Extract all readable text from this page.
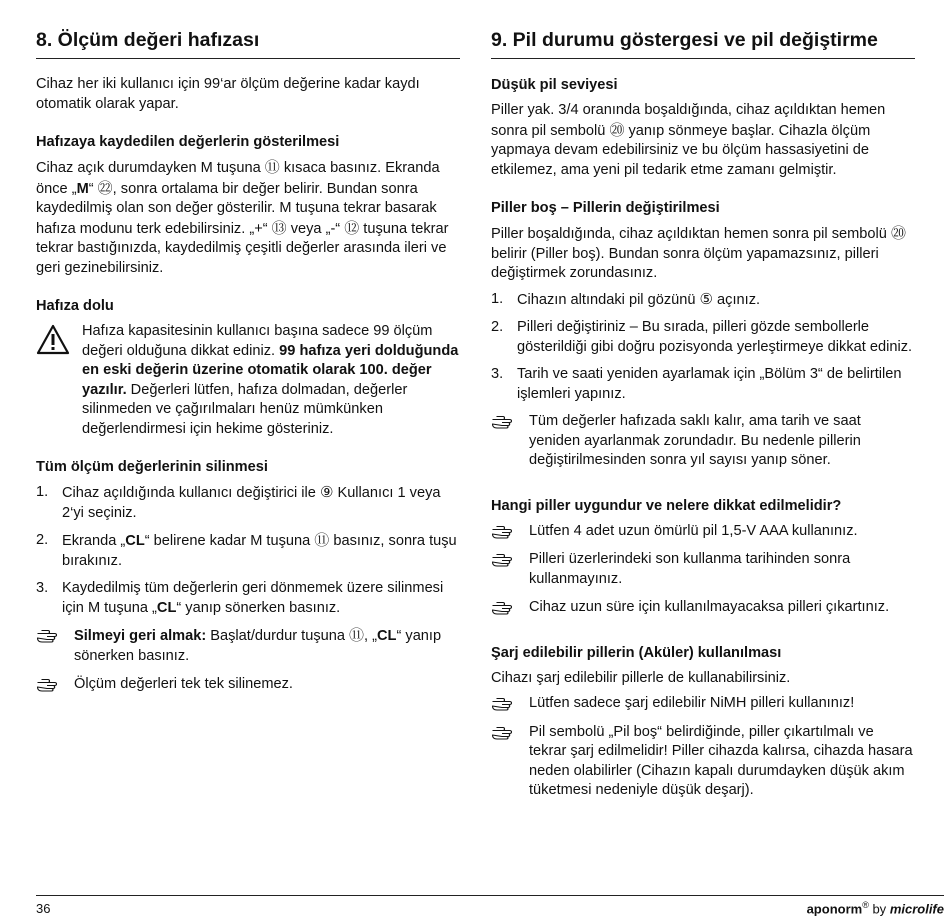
8. Ölçüm değeri hafızası

Cihaz her iki kullanıcı için 99‘ar ölçüm değerine kadar kaydı otomatik olarak yapar.

Hafızaya kaydedilen değerlerin gösterilmesi

Cihaz açık durumdayken M tuşuna ⑪ kısaca basınız. Ekranda önce „M“ ㉒, sonra ortalama bir değer belirir. Bundan sonra kaydedilmiş olan son değer gösterilir. M tuşuna tekrar basarak hafıza modunu terk edebilirsiniz. „+“ ⑬ veya „-“ ⑫ tuşuna tekrar tekrar bastığınızda, kaydedilmiş çeşitli değerler arasında ileri ve geri gezinebilirsiniz.

Hafıza dolu
Hafıza kapasitesinin kullanıcı başına sadece 99 ölçüm değeri olduğuna dikkat ediniz. 99 hafıza yeri dolduğunda en eski değerin üzerine otomatik olarak 100. değer yazılır. Değerleri lütfen, hafıza dolmadan, değerler silinmeden ve çağırılmaları henüz mümkünken değerlendirmesi için hekime gösteriniz.
Tüm ölçüm değerlerinin silinmesi
1. Cihaz açıldığında kullanıcı değiştirici ile ⑨ Kullanıcı 1 veya 2‘yi seçiniz.
2. Ekranda „CL“ belirene kadar M tuşuna ⑪ basınız, sonra tuşu bırakınız.
3. Kaydedilmiş tüm değerlerin geri dönmemek üzere silinmesi için M tuşuna „CL“ yanıp sönerken basınız.
Silmeyi geri almak: Başlat/durdur tuşuna ⑪, „CL“ yanıp sönerken basınız.
Ölçüm değerleri tek tek silinemez.
9. Pil durumu göstergesi ve pil değiştirme
Düşük pil seviyesi

Piller yak. 3/4 oranında boşaldığında, cihaz açıldıktan hemen sonra pil sembolü ⑳ yanıp sönmeye başlar. Cihazla ölçüm yapmaya devam edebilirsiniz ve bu ölçüm hassasiyetini de etkilemez, ama yeni pil tedarik etme zamanı gelmiştir.

Piller boş – Pillerin değiştirilmesi

Piller boşaldığında, cihaz açıldıktan hemen sonra pil sembolü ⑳ belirir (Piller boş). Bundan sonra ölçüm yapamazsınız, pilleri değiştirmek zorundasınız.

1. Cihazın altındaki pil gözünü ⑤ açınız.
2. Pilleri değiştiriniz – Bu sırada, pilleri gözde sembollerle gösterildiği gibi doğru pozisyonda yerleştirmeye dikkat ediniz.
3. Tarih ve saati yeniden ayarlamak için „Bölüm 3“ de belirtilen işlemleri yapınız.
Tüm değerler hafızada saklı kalır, ama tarih ve saat yeniden ayarlanmak zorundadır. Bu nedenle pillerin değiştirilmesinden sonra yıl sayısı yanıp söner.
Hangi piller uygundur ve nelere dikkat edilmelidir?
Lütfen 4 adet uzun ömürlü pil 1,5-V AAA kullanınız.
Pilleri üzerlerindeki son kullanma tarihinden sonra kullanmayınız.
Cihaz uzun süre için kullanılmayacaksa pilleri çıkartınız.
Şarj edilebilir pillerin (Aküler) kullanılması

Cihazı şarj edilebilir pillerle de kullanabilirsiniz.

Lütfen sadece şarj edilebilir NiMH pilleri kullanınız!
Pil sembolü „Pil boş“ belirdiğinde, piller çıkartılmalı ve tekrar şarj edilmelidir! Piller cihazda kalırsa, cihazda hasara neden olabilirler (Cihazın kapalı durumdayken düşük akım tüketmesi nedeniyle düşük deşarj).
36	aponorm® by microlife
